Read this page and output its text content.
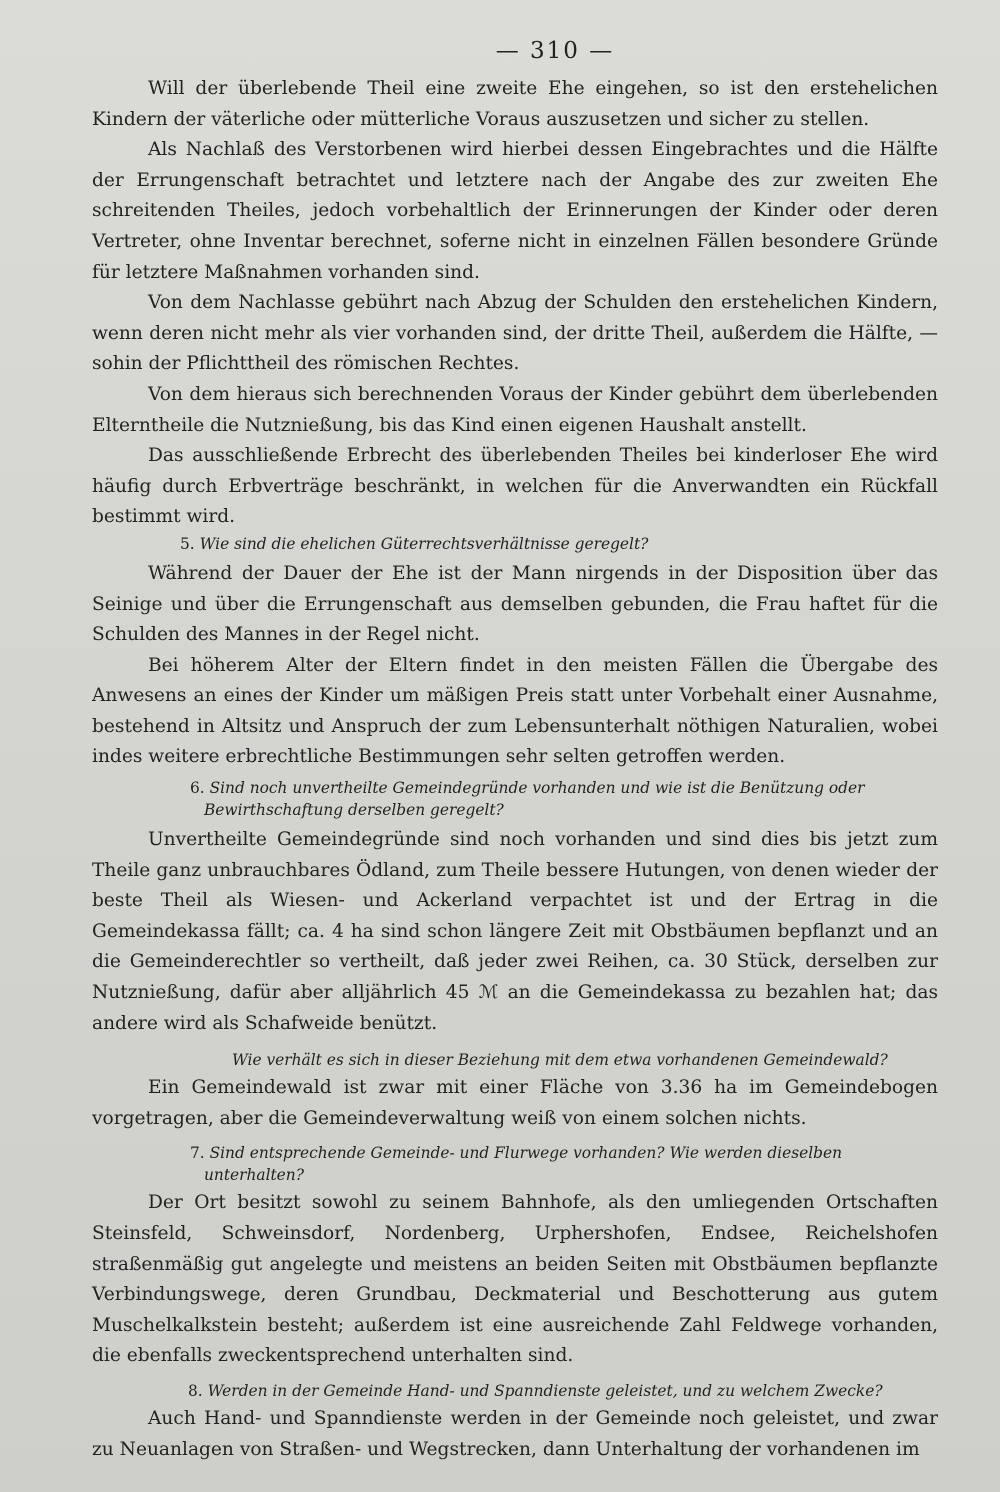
— 310 —

Will der überlebende Theil eine zweite Ehe eingehen, so ist den erstehelichen Kindern der väterliche oder mütterliche Voraus auszusetzen und sicher zu stellen.

Als Nachlaß des Verstorbenen wird hierbei dessen Eingebrachtes und die Hälfte der Errungenschaft betrachtet und letztere nach der Angabe des zur zweiten Ehe schreitenden Theiles, jedoch vorbehaltlich der Erinnerungen der Kinder oder deren Vertreter, ohne Inventar berechnet, soferne nicht in einzelnen Fällen besondere Gründe für letztere Maßnahmen vorhanden sind.

Von dem Nachlasse gebührt nach Abzug der Schulden den erstehelichen Kindern, wenn deren nicht mehr als vier vorhanden sind, der dritte Theil, außerdem die Hälfte, — sohin der Pflichttheil des römischen Rechtes.

Von dem hieraus sich berechnenden Voraus der Kinder gebührt dem überlebenden Elterntheile die Nutznießung, bis das Kind einen eigenen Haushalt anstellt.

Das ausschließende Erbrecht des überlebenden Theiles bei kinderloser Ehe wird häufig durch Erbverträge beschränkt, in welchen für die Anverwandten ein Rückfall bestimmt wird.

5. Wie sind die ehelichen Güterrechtsverhältnisse geregelt?

Während der Dauer der Ehe ist der Mann nirgends in der Disposition über das Seinige und über die Errungenschaft aus demselben gebunden, die Frau haftet für die Schulden des Mannes in der Regel nicht.

Bei höherem Alter der Eltern findet in den meisten Fällen die Übergabe des Anwesens an eines der Kinder um mäßigen Preis statt unter Vorbehalt einer Ausnahme, bestehend in Altsitz und Anspruch der zum Lebensunterhalt nöthigen Naturalien, wobei indes weitere erbrechtliche Bestimmungen sehr selten getroffen werden.

6. Sind noch unvertheilte Gemeindegründe vorhanden und wie ist die Benützung oder Bewirthschaftung derselben geregelt?

Unvertheilte Gemeindegründe sind noch vorhanden und sind dies bis jetzt zum Theile ganz unbrauchbares Ödland, zum Theile bessere Hutungen, von denen wieder der beste Theil als Wiesen- und Ackerland verpachtet ist und der Ertrag in die Gemeindekassa fällt; ca. 4 ha sind schon längere Zeit mit Obstbäumen bepflanzt und an die Gemeinderechtler so vertheilt, daß jeder zwei Reihen, ca. 30 Stück, derselben zur Nutznießung, dafür aber alljährlich 45 ℳ an die Gemeindekassa zu bezahlen hat; das andere wird als Schafweide benützt.

Wie verhält es sich in dieser Beziehung mit dem etwa vorhandenen Gemeindewald?

Ein Gemeindewald ist zwar mit einer Fläche von 3.36 ha im Gemeindebogen vorgetragen, aber die Gemeindeverwaltung weiß von einem solchen nichts.

7. Sind entsprechende Gemeinde- und Flurwege vorhanden? Wie werden dieselben unterhalten?

Der Ort besitzt sowohl zu seinem Bahnhofe, als den umliegenden Ortschaften Steinsfeld, Schweinsdorf, Nordenberg, Urphershofen, Endsee, Reichelshofen straßenmäßig gut angelegte und meistens an beiden Seiten mit Obstbäumen bepflanzte Verbindungswege, deren Grundbau, Deckmaterial und Beschotterung aus gutem Muschelkalkstein besteht; außerdem ist eine ausreichende Zahl Feldwege vorhanden, die ebenfalls zweckentsprechend unterhalten sind.

8. Werden in der Gemeinde Hand- und Spanndienste geleistet, und zu welchem Zwecke?

Auch Hand- und Spanndienste werden in der Gemeinde noch geleistet, und zwar zu Neuanlagen von Straßen- und Wegstrecken, dann Unterhaltung der vorhandenen im
